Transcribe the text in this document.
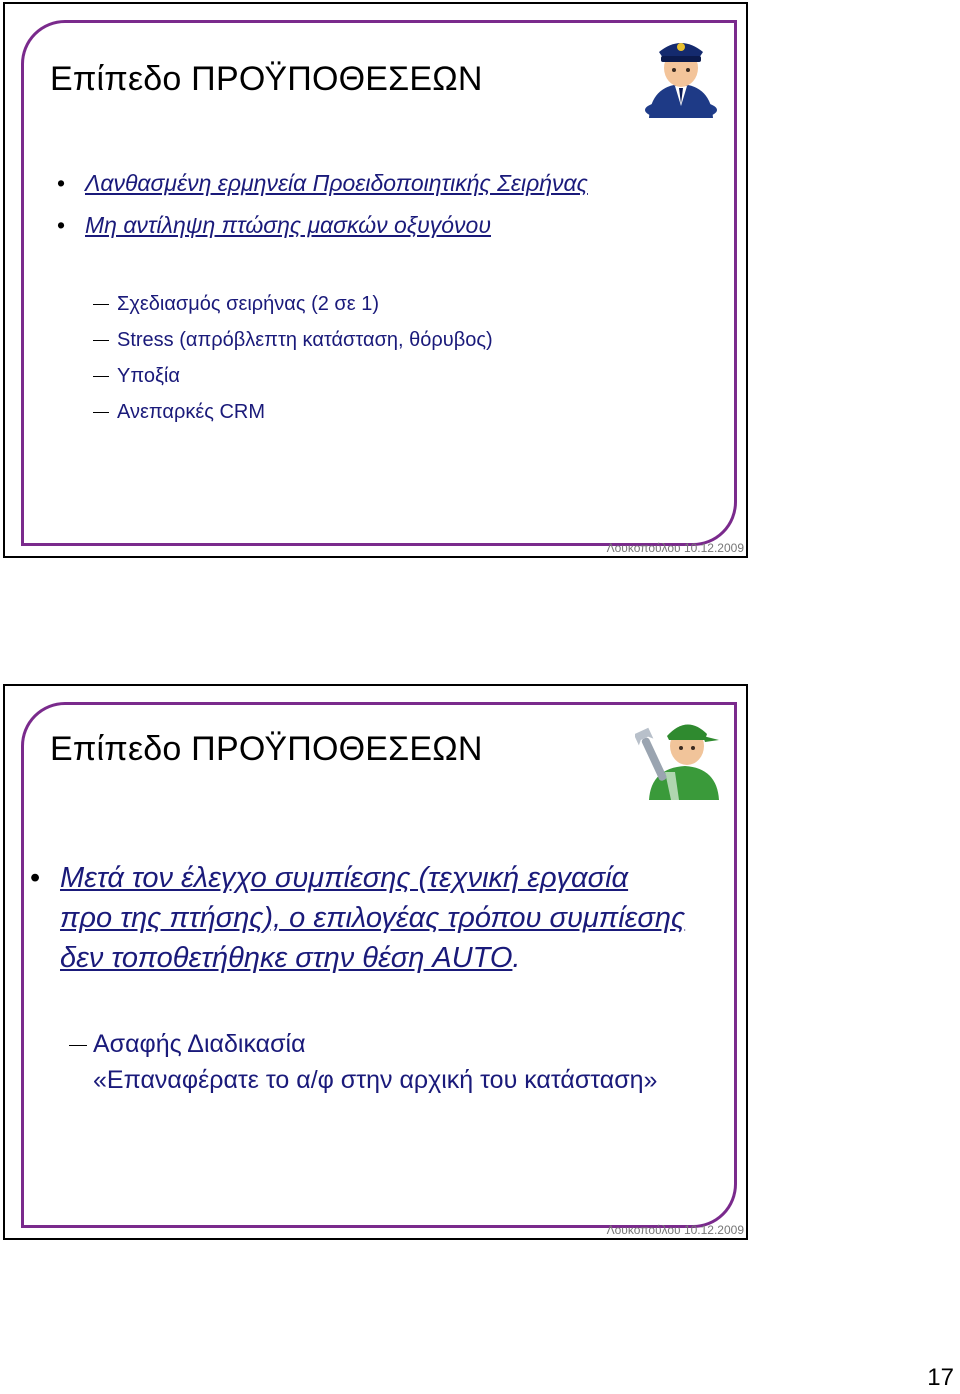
Επίπεδο ΠΡΟΫΠΟΘΕΣΕΩΝ
• Λανθασμένη ερμηνεία Προειδοποιητικής Σειρήνας
• Μη αντίληψη πτώσης μασκών οξυγόνου
Σχεδιασμός σειρήνας (2 σε 1)
Stress (απρόβλεπτη κατάσταση, θόρυβος)
Υποξία
Ανεπαρκές CRM
Λουκοπούλου 10.12.2009
Επίπεδο ΠΡΟΫΠΟΘΕΣΕΩΝ
• Μετά τον έλεγχο συμπίεσης (τεχνική εργασία
προ της πτήσης), ο επιλογέας τρόπου συμπίεσης
δεν τοποθετήθηκε στην θέση AUTO.
Ασαφής Διαδικασία
«Επαναφέρατε το α/φ στην αρχική του κατάσταση»
Λουκοπούλου 10.12.2009
17
